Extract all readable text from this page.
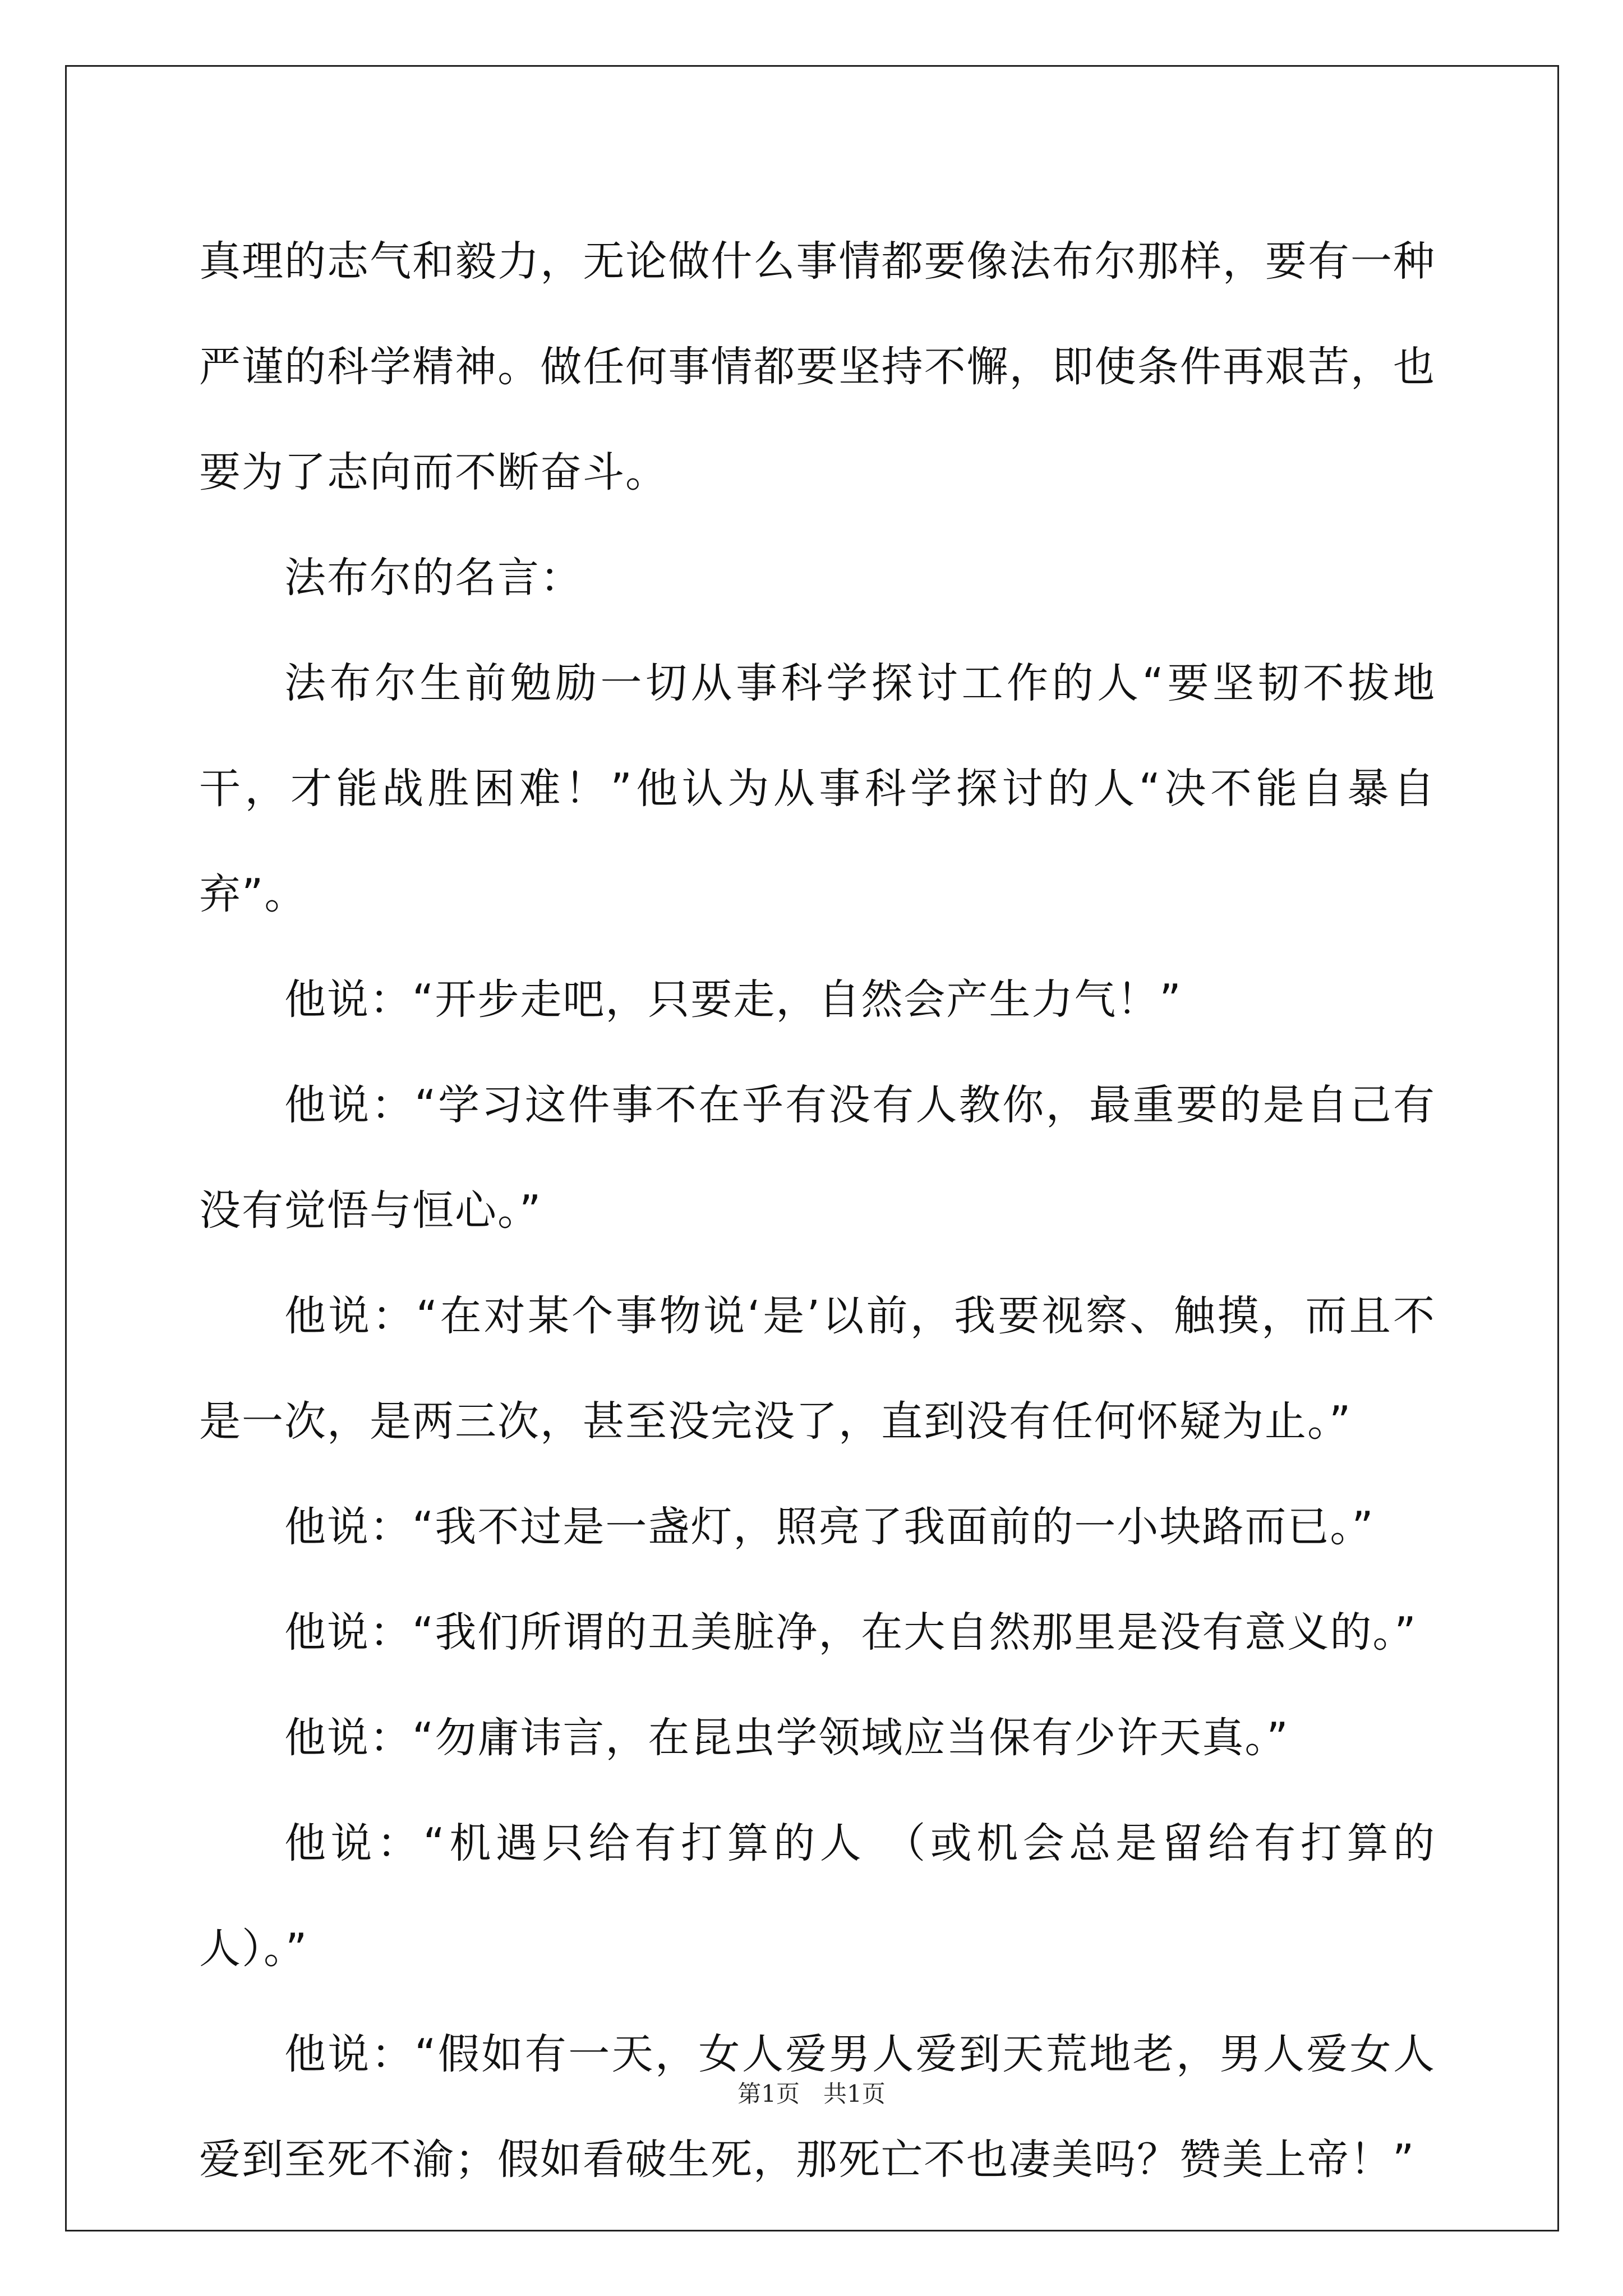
真理的志气和毅力，无论做什么事情都要像法布尔那样，要有一种严谨的科学精神。做任何事情都要坚持不懈，即使条件再艰苦，也要为了志向而不断奋斗。

法布尔的名言：

法布尔生前勉励一切从事科学探讨工作的人“要坚韧不拔地干，才能战胜困难！”他认为从事科学探讨的人“决不能自暴自弃”。

他说：“开步走吧，只要走，自然会产生力气！”

他说：“学习这件事不在乎有没有人教你，最重要的是自己有没有觉悟与恒心。”

他说：“在对某个事物说‘是’以前，我要视察、触摸，而且不是一次，是两三次，甚至没完没了，直到没有任何怀疑为止。”

他说：“我不过是一盏灯，照亮了我面前的一小块路而已。”

他说：“我们所谓的丑美脏净，在大自然那里是没有意义的。”

他说：“勿庸讳言，在昆虫学领域应当保有少许天真。”

他说：“机遇只给有打算的人 （或机会总是留给有打算的人）。”

他说：“假如有一天，女人爱男人爱到天荒地老，男人爱女人爱到至死不渝；假如看破生死，那死亡不也凄美吗？赞美上帝！”

第1页 共1页
